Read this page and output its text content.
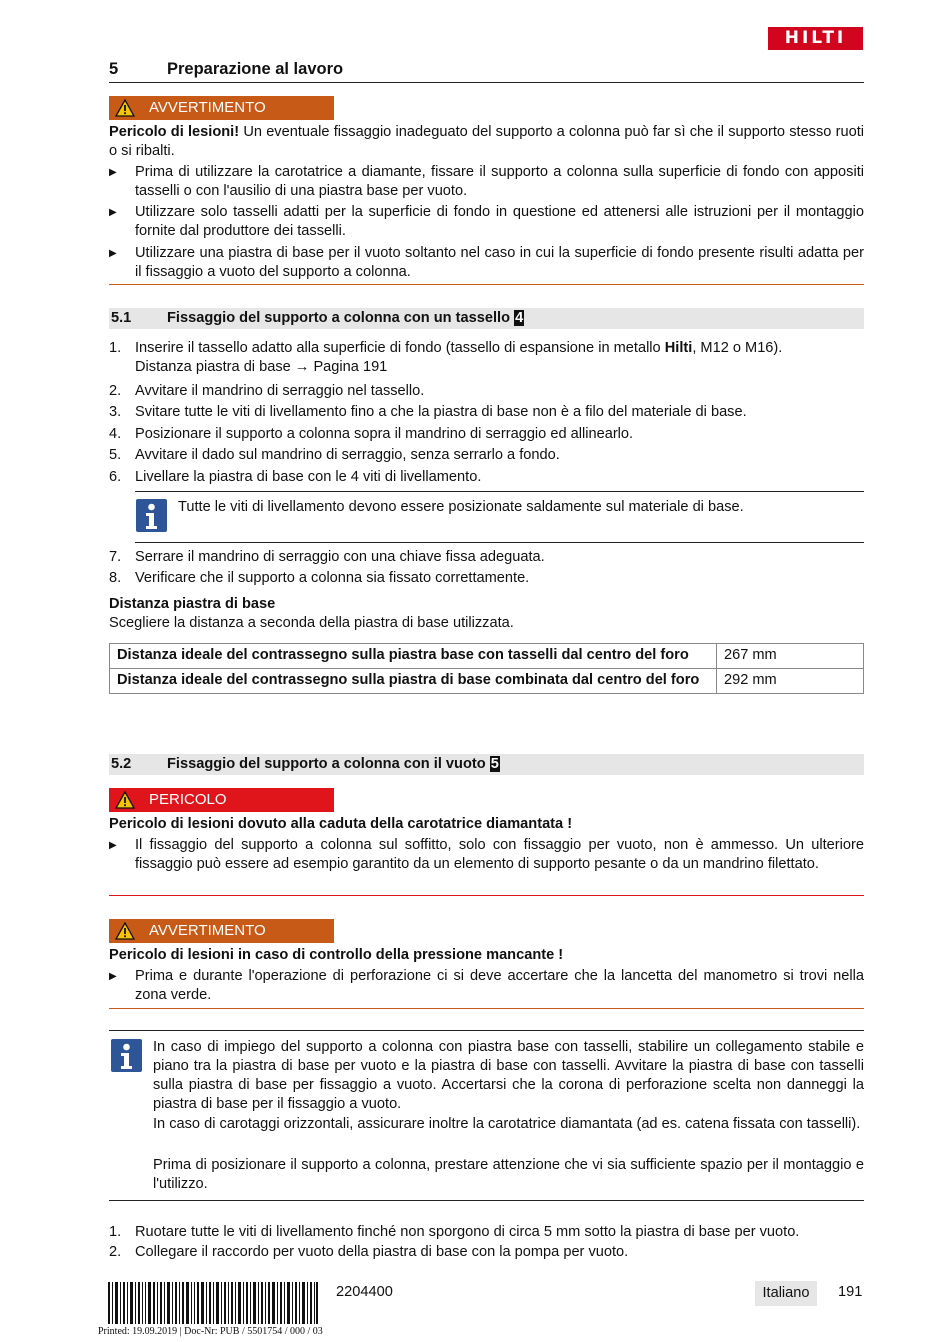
HILTI
5	Preparazione al lavoro
AVVERTIMENTO
Pericolo di lesioni! Un eventuale fissaggio inadeguato del supporto a colonna può far sì che il supporto stesso ruoti o si ribalti.
▶ Prima di utilizzare la carotatrice a diamante, fissare il supporto a colonna sulla superficie di fondo con appositi tasselli o con l'ausilio di una piastra base per vuoto.
▶ Utilizzare solo tasselli adatti per la superficie di fondo in questione ed attenersi alle istruzioni per il montaggio fornite dal produttore dei tasselli.
▶ Utilizzare una piastra di base per il vuoto soltanto nel caso in cui la superficie di fondo presente risulti adatta per il fissaggio a vuoto del supporto a colonna.
5.1 Fissaggio del supporto a colonna con un tassello 4
1. Inserire il tassello adatto alla superficie di fondo (tassello di espansione in metallo Hilti, M12 o M16).
Distanza piastra di base → Pagina 191
2. Avvitare il mandrino di serraggio nel tassello.
3. Svitare tutte le viti di livellamento fino a che la piastra di base non è a filo del materiale di base.
4. Posizionare il supporto a colonna sopra il mandrino di serraggio ed allinearlo.
5. Avvitare il dado sul mandrino di serraggio, senza serrarlo a fondo.
6. Livellare la piastra di base con le 4 viti di livellamento.
Tutte le viti di livellamento devono essere posizionate saldamente sul materiale di base.
7. Serrare il mandrino di serraggio con una chiave fissa adeguata.
8. Verificare che il supporto a colonna sia fissato correttamente.
Distanza piastra di base
Scegliere la distanza a seconda della piastra di base utilizzata.
Distanza ideale del contrassegno sulla piastra base con tasselli dal centro del foro	267 mm
Distanza ideale del contrassegno sulla piastra di base combinata dal centro del foro	292 mm
5.2 Fissaggio del supporto a colonna con il vuoto 5
PERICOLO
Pericolo di lesioni dovuto alla caduta della carotatrice diamantata !
▶ Il fissaggio del supporto a colonna sul soffitto, solo con fissaggio per vuoto, non è ammesso. Un ulteriore fissaggio può essere ad esempio garantito da un elemento di supporto pesante o da un mandrino filettato.
AVVERTIMENTO
Pericolo di lesioni in caso di controllo della pressione mancante !
▶ Prima e durante l'operazione di perforazione ci si deve accertare che la lancetta del manometro si trovi nella zona verde.
In caso di impiego del supporto a colonna con piastra base con tasselli, stabilire un collegamento stabile e piano tra la piastra di base per vuoto e la piastra di base con tasselli. Avvitare la piastra di base con tasselli sulla piastra di base per fissaggio a vuoto. Accertarsi che la corona di perforazione scelta non danneggi la piastra di base per il fissaggio a vuoto.
In caso di carotaggi orizzontali, assicurare inoltre la carotatrice diamantata (ad es. catena fissata con tasselli).
Prima di posizionare il supporto a colonna, prestare attenzione che vi sia sufficiente spazio per il montaggio e l'utilizzo.
1. Ruotare tutte le viti di livellamento finché non sporgono di circa 5 mm sotto la piastra di base per vuoto.
2. Collegare il raccordo per vuoto della piastra di base con la pompa per vuoto.
2204400	Italiano	191
Printed: 19.09.2019 | Doc-Nr: PUB / 5501754 / 000 / 03
